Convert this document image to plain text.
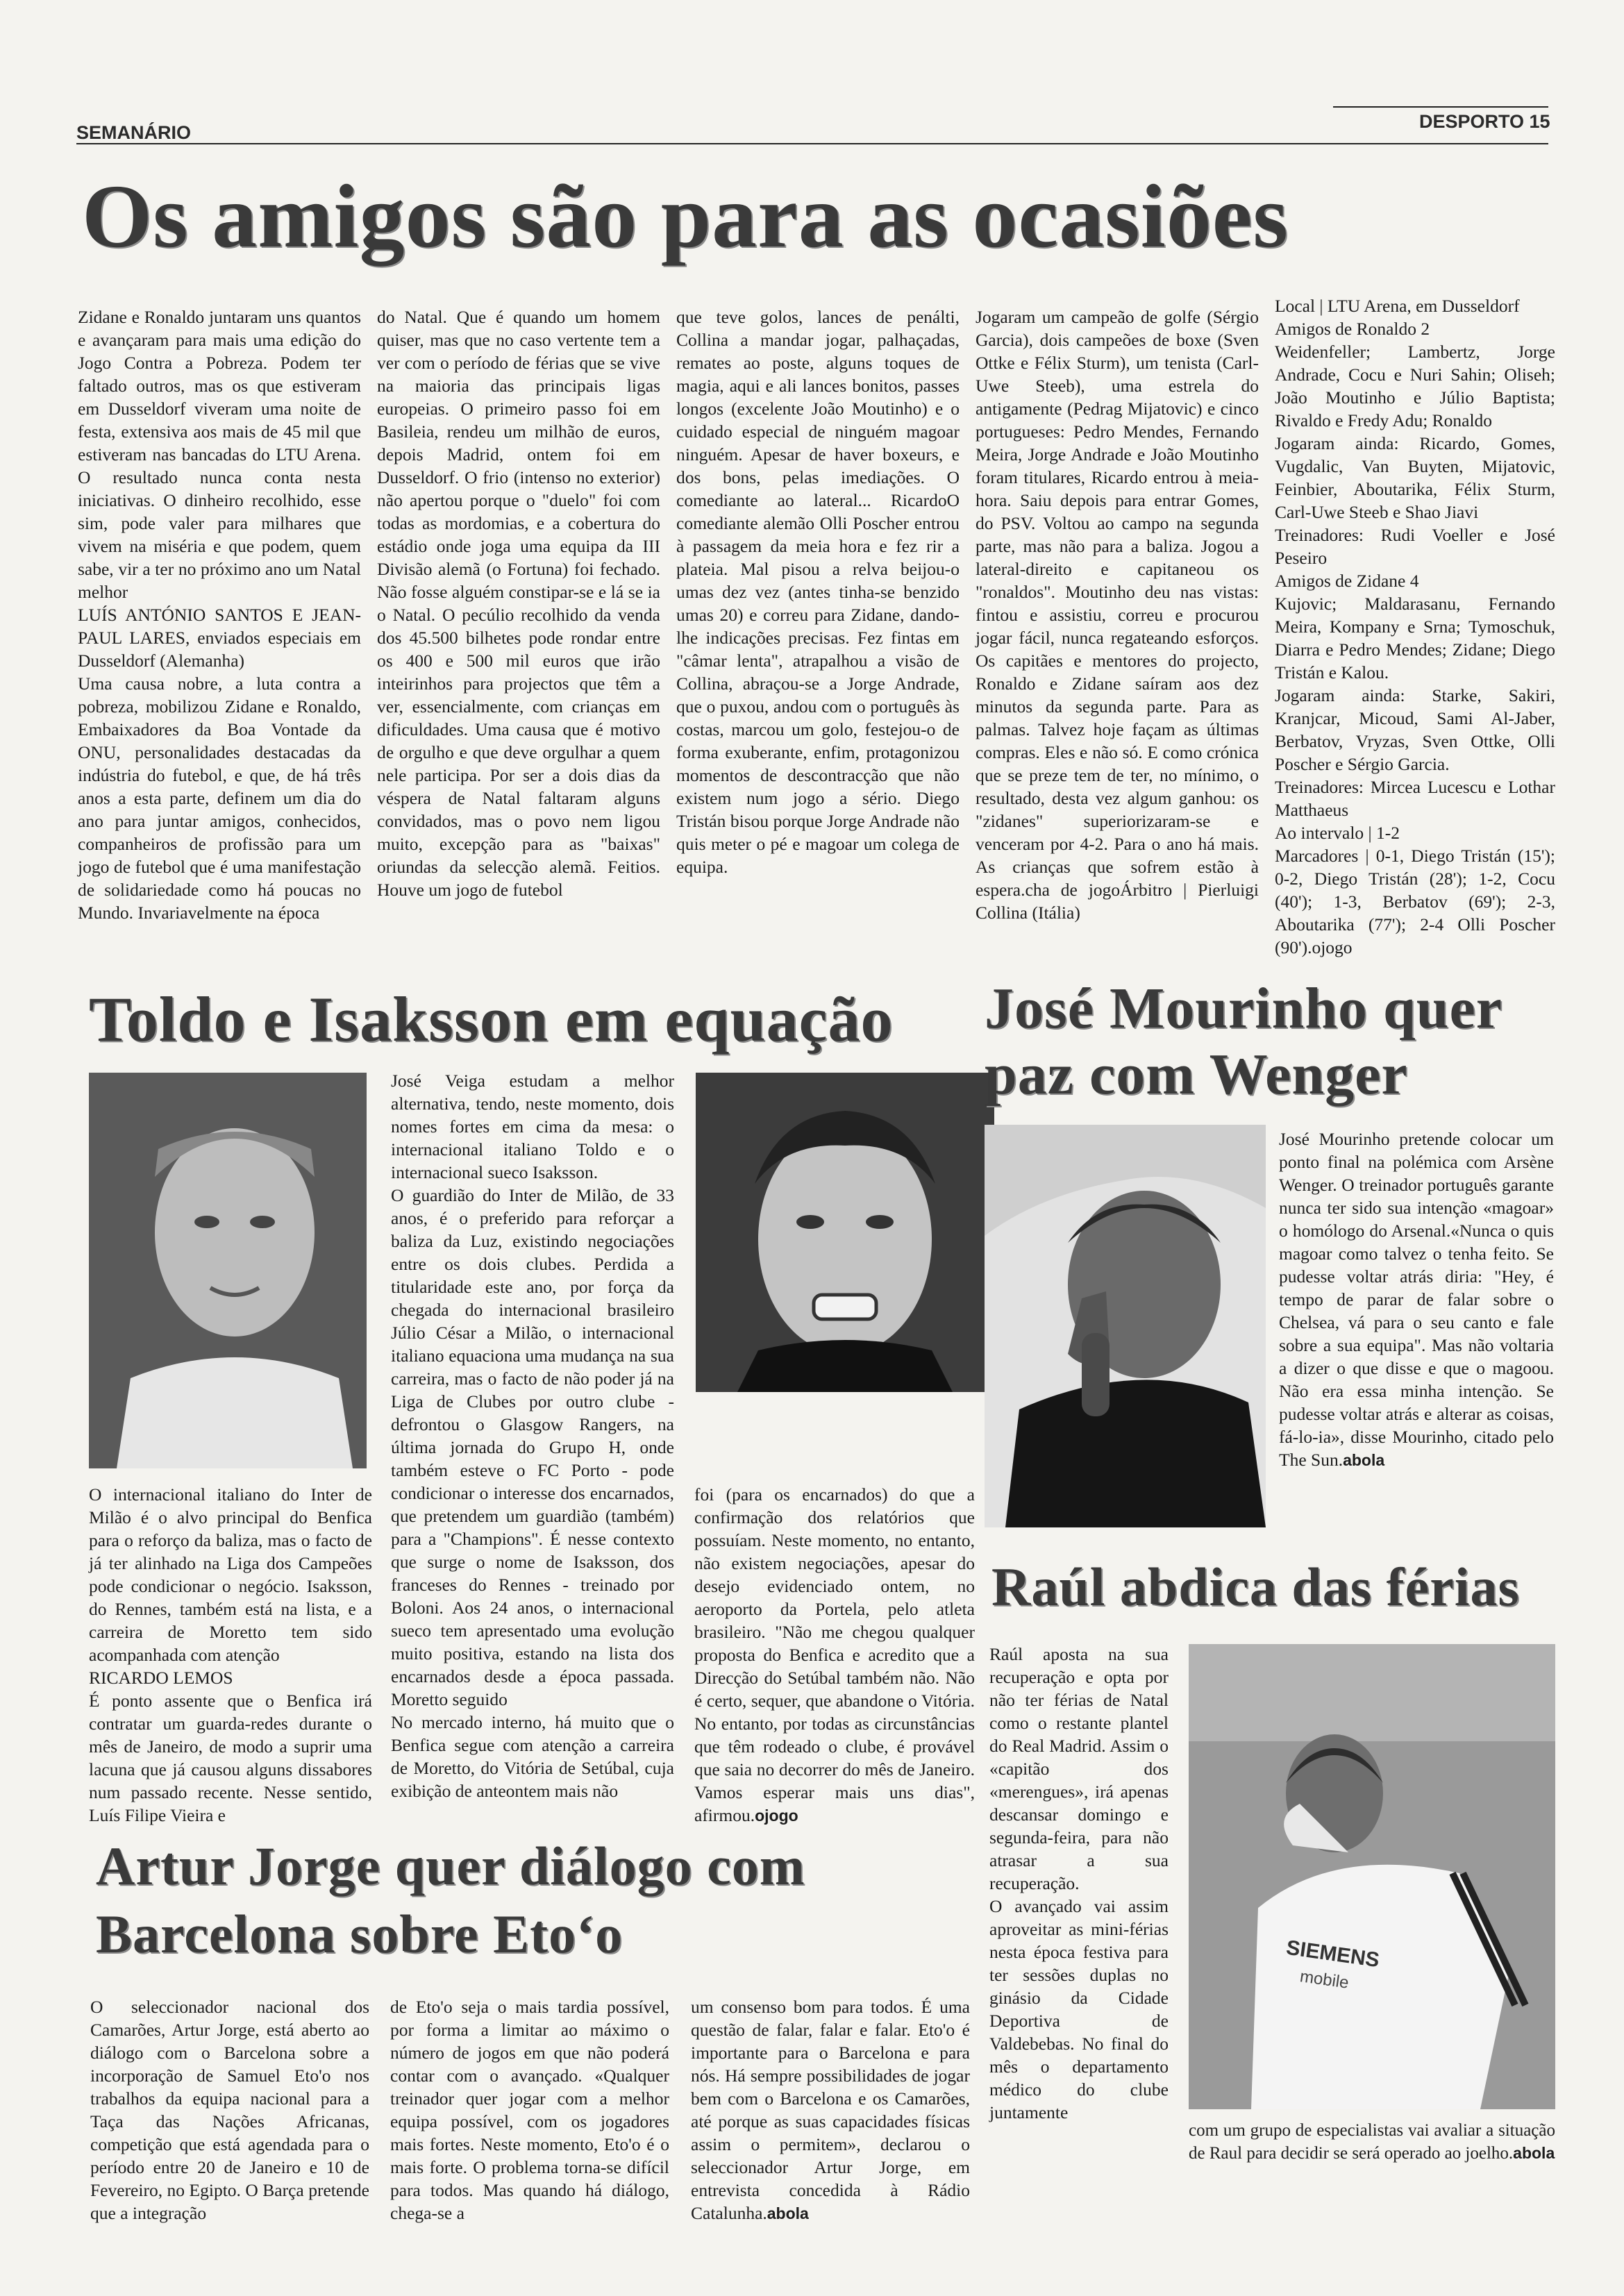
SEMANÁRIO
DESPORTO 15
Os amigos são para as ocasiões

Zidane e Ronaldo juntaram uns quantos e avançaram para mais uma edição do Jogo Contra a Pobreza. Podem ter faltado outros, mas os que estiveram em Dusseldorf viveram uma noite de festa, extensiva aos mais de 45 mil que estiveram nas bancadas do LTU Arena. O resultado nunca conta nesta iniciativas. O dinheiro recolhido, esse sim, pode valer para milhares que vivem na miséria e que podem, quem sabe, vir a ter no próximo ano um Natal melhor

LUÍS ANTÓNIO SANTOS E JEAN-PAUL LARES, enviados especiais em Dusseldorf (Alemanha)

Uma causa nobre, a luta contra a pobreza, mobilizou Zidane e Ronaldo, Embaixadores da Boa Vontade da ONU, personalidades destacadas da indústria do futebol, e que, de há três anos a esta parte, definem um dia do ano para juntar amigos, conhecidos, companheiros de profissão para um jogo de futebol que é uma manifestação de solidariedade como há poucas no Mundo. Invariavelmente na época

do Natal. Que é quando um homem quiser, mas que no caso vertente tem a ver com o período de férias que se vive na maioria das principais ligas europeias. O primeiro passo foi em Basileia, rendeu um milhão de euros, depois Madrid, ontem foi em Dusseldorf. O frio (intenso no exterior) não apertou porque o "duelo" foi com todas as mordomias, e a cobertura do estádio onde joga uma equipa da III Divisão alemã (o Fortuna) foi fechado. Não fosse alguém constipar-se e lá se ia o Natal. O pecúlio recolhido da venda dos 45.500 bilhetes pode rondar entre os 400 e 500 mil euros que irão inteirinhos para projectos que têm a ver, essencialmente, com crianças em dificuldades. Uma causa que é motivo de orgulho e que deve orgulhar a quem nele participa. Por ser a dois dias da véspera de Natal faltaram alguns convidados, mas o povo nem ligou muito, excepção para as "baixas" oriundas da selecção alemã. Feitios. Houve um jogo de futebol

que teve golos, lances de penálti, Collina a mandar jogar, palhaçadas, remates ao poste, alguns toques de magia, aqui e ali lances bonitos, passes longos (excelente João Moutinho) e o cuidado especial de ninguém magoar ninguém. Apesar de haver boxeurs, e dos bons, pelas imediações. O comediante ao lateral... RicardoO comediante alemão Olli Poscher entrou à passagem da meia hora e fez rir a plateia. Mal pisou a relva beijou-o umas dez vez (antes tinha-se benzido umas 20) e correu para Zidane, dando-lhe indicações precisas. Fez fintas em "câmar lenta", atrapalhou a visão de Collina, abraçou-se a Jorge Andrade, que o puxou, andou com o português às costas, marcou um golo, festejou-o de forma exuberante, enfim, protagonizou momentos de descontracção que não existem num jogo a sério. Diego Tristán bisou porque Jorge Andrade não quis meter o pé e magoar um colega de equipa.

Jogaram um campeão de golfe (Sérgio Garcia), dois campeões de boxe (Sven Ottke e Félix Sturm), um tenista (Carl-Uwe Steeb), uma estrela do antigamente (Pedrag Mijatovic) e cinco portugueses: Pedro Mendes, Fernando Meira, Jorge Andrade e João Moutinho foram titulares, Ricardo entrou à meia-hora. Saiu depois para entrar Gomes, do PSV. Voltou ao campo na segunda parte, mas não para a baliza. Jogou a lateral-direito e capitaneou os "ronaldos". Moutinho deu nas vistas: fintou e assistiu, correu e procurou jogar fácil, nunca regateando esforços. Os capitães e mentores do projecto, Ronaldo e Zidane saíram aos dez minutos da segunda parte. Para as palmas. Talvez hoje façam as últimas compras. Eles e não só. E como crónica que se preze tem de ter, no mínimo, o resultado, desta vez algum ganhou: os "zidanes" superiorizaram-se e venceram por 4-2. Para o ano há mais. As crianças que sofrem estão à espera.cha de jogoÁrbitro | Pierluigi Collina (Itália)

Local | LTU Arena, em Dusseldorf

Amigos de Ronaldo 2

Weidenfeller; Lambertz, Jorge Andrade, Cocu e Nuri Sahin; Oliseh; João Moutinho e Júlio Baptista; Rivaldo e Fredy Adu; Ronaldo

Jogaram ainda: Ricardo, Gomes, Vugdalic, Van Buyten, Mijatovic, Feinbier, Aboutarika, Félix Sturm, Carl-Uwe Steeb e Shao Jiavi

Treinadores: Rudi Voeller e José Peseiro

Amigos de Zidane 4

Kujovic; Maldarasanu, Fernando Meira, Kompany e Srna; Tymoschuk, Diarra e Pedro Mendes; Zidane; Diego Tristán e Kalou.

Jogaram ainda: Starke, Sakiri, Kranjcar, Micoud, Sami Al-Jaber, Berbatov, Vryzas, Sven Ottke, Olli Poscher e Sérgio Garcia.

Treinadores: Mircea Lucescu e Lothar Matthaeus

Ao intervalo | 1-2

Marcadores | 0-1, Diego Tristán (15'); 0-2, Diego Tristán (28'); 1-2, Cocu (40'); 1-3, Berbatov (69'); 2-3, Aboutarika (77'); 2-4 Olli Poscher (90').ojogo

Toldo e Isaksson em equação

José Veiga estudam a melhor alternativa, tendo, neste momento, dois nomes fortes em cima da mesa: o internacional italiano Toldo e o internacional sueco Isaksson.

O guardião do Inter de Milão, de 33 anos, é o preferido para reforçar a baliza da Luz, existindo negociações entre os dois clubes. Perdida a titularidade este ano, por força da chegada do internacional brasileiro Júlio César a Milão, o internacional italiano equaciona uma mudança na sua carreira, mas o facto de não poder já na Liga de Clubes por outro clube - defrontou o Glasgow Rangers, na última jornada do Grupo H, onde também esteve o FC Porto - pode condicionar o interesse dos encarnados, que pretendem um guardião (também) para a "Champions". É nesse contexto que surge o nome de Isaksson, dos franceses do Rennes - treinado por Boloni. Aos 24 anos, o internacional sueco tem apresentado uma evolução muito positiva, estando na lista dos encarnados desde a época passada. Moretto seguido

No mercado interno, há muito que o Benfica segue com atenção a carreira de Moretto, do Vitória de Setúbal, cuja exibição de anteontem mais não

O internacional italiano do Inter de Milão é o alvo principal do Benfica para o reforço da baliza, mas o facto de já ter alinhado na Liga dos Campeões pode condicionar o negócio. Isaksson, do Rennes, também está na lista, e a carreira de Moretto tem sido acompanhada com atenção

RICARDO LEMOS

É ponto assente que o Benfica irá contratar um guarda-redes durante o mês de Janeiro, de modo a suprir uma lacuna que já causou alguns dissabores num passado recente. Nesse sentido, Luís Filipe Vieira e

foi (para os encarnados) do que a confirmação dos relatórios que possuíam. Neste momento, no entanto, não existem negociações, apesar do desejo evidenciado ontem, no aeroporto da Portela, pelo atleta brasileiro. "Não me chegou qualquer proposta do Benfica e acredito que a Direcção do Setúbal também não. Não é certo, sequer, que abandone o Vitória. No entanto, por todas as circunstâncias que têm rodeado o clube, é provável que saia no decorrer do mês de Janeiro. Vamos esperar mais uns dias", afirmou.ojogo

José Mourinho quer
paz com Wenger

José Mourinho pretende colocar um ponto final na polémica com Arsène Wenger. O treinador português garante nunca ter sido sua intenção «magoar» o homólogo do Arsenal.«Nunca o quis magoar como talvez o tenha feito. Se pudesse voltar atrás diria: "Hey, é tempo de parar de falar sobre o Chelsea, vá para o seu canto e fale sobre a sua equipa". Mas não voltaria a dizer o que disse e que o magoou. Não era essa minha intenção. Se pudesse voltar atrás e alterar as coisas, fá-lo-ia», disse Mourinho, citado pelo The Sun.abola

Raúl abdica das férias

Raúl aposta na sua recuperação e opta por não ter férias de Natal como o restante plantel do Real Madrid. Assim o «capitão dos «merengues», irá apenas descansar domingo e segunda-feira, para não atrasar a sua recuperação.

O avançado vai assim aproveitar as mini-férias nesta época festiva para ter sessões duplas no ginásio da Cidade Deportiva de Valdebebas. No final do mês o departamento médico do clube juntamente

SIEMENS
mobile
com um grupo de especialistas vai avaliar a situação de Raul para decidir se será operado ao joelho.abola
Artur Jorge quer diálogo com
Barcelona sobre Eto‘o

O seleccionador nacional dos Camarões, Artur Jorge, está aberto ao diálogo com o Barcelona sobre a incorporação de Samuel Eto'o nos trabalhos da equipa nacional para a Taça das Nações Africanas, competição que está agendada para o período entre 20 de Janeiro e 10 de Fevereiro, no Egipto. O Barça pretende que a integração

de Eto'o seja o mais tardia possível, por forma a limitar ao máximo o número de jogos em que não poderá contar com o avançado. «Qualquer treinador quer jogar com a melhor equipa possível, com os jogadores mais fortes. Neste momento, Eto'o é o mais forte. O problema torna-se difícil para todos. Mas quando há diálogo, chega-se a

um consenso bom para todos. É uma questão de falar, falar e falar. Eto'o é importante para o Barcelona e para nós. Há sempre possibilidades de jogar bem com o Barcelona e os Camarões, até porque as suas capacidades físicas assim o permitem», declarou o seleccionador Artur Jorge, em entrevista concedida à Rádio Catalunha.abola
